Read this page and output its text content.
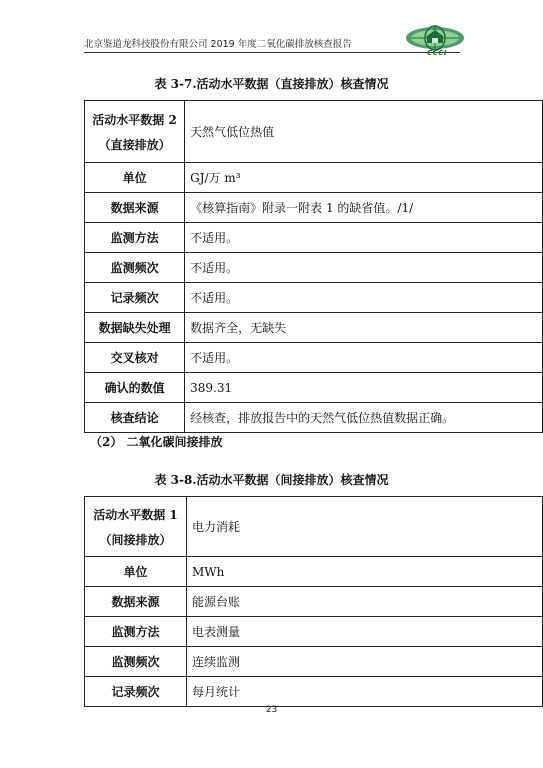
北京鉴道龙科技股份有限公司 2019 年度二氧化碳排放核查报告
CCCI
表 3-7.活动水平数据（直接排放）核查情况
活动水平数据 2
（直接排放）	天然气低位热值
单位	GJ/万 m³
数据来源	《核算指南》附录一附表 1 的缺省值。/1/
监测方法	不适用。
监测频次	不适用。
记录频次	不适用。
数据缺失处理	数据齐全，无缺失
交叉核对	不适用。
确认的数值	389.31
核查结论	经核查，排放报告中的天然气低位热值数据正确。
（2） 二氧化碳间接排放
表 3-8.活动水平数据（间接排放）核查情况
活动水平数据 1
（间接排放）	电力消耗
单位	MWh
数据来源	能源台账
监测方法	电表测量
监测频次	连续监测
记录频次	每月统计
23
